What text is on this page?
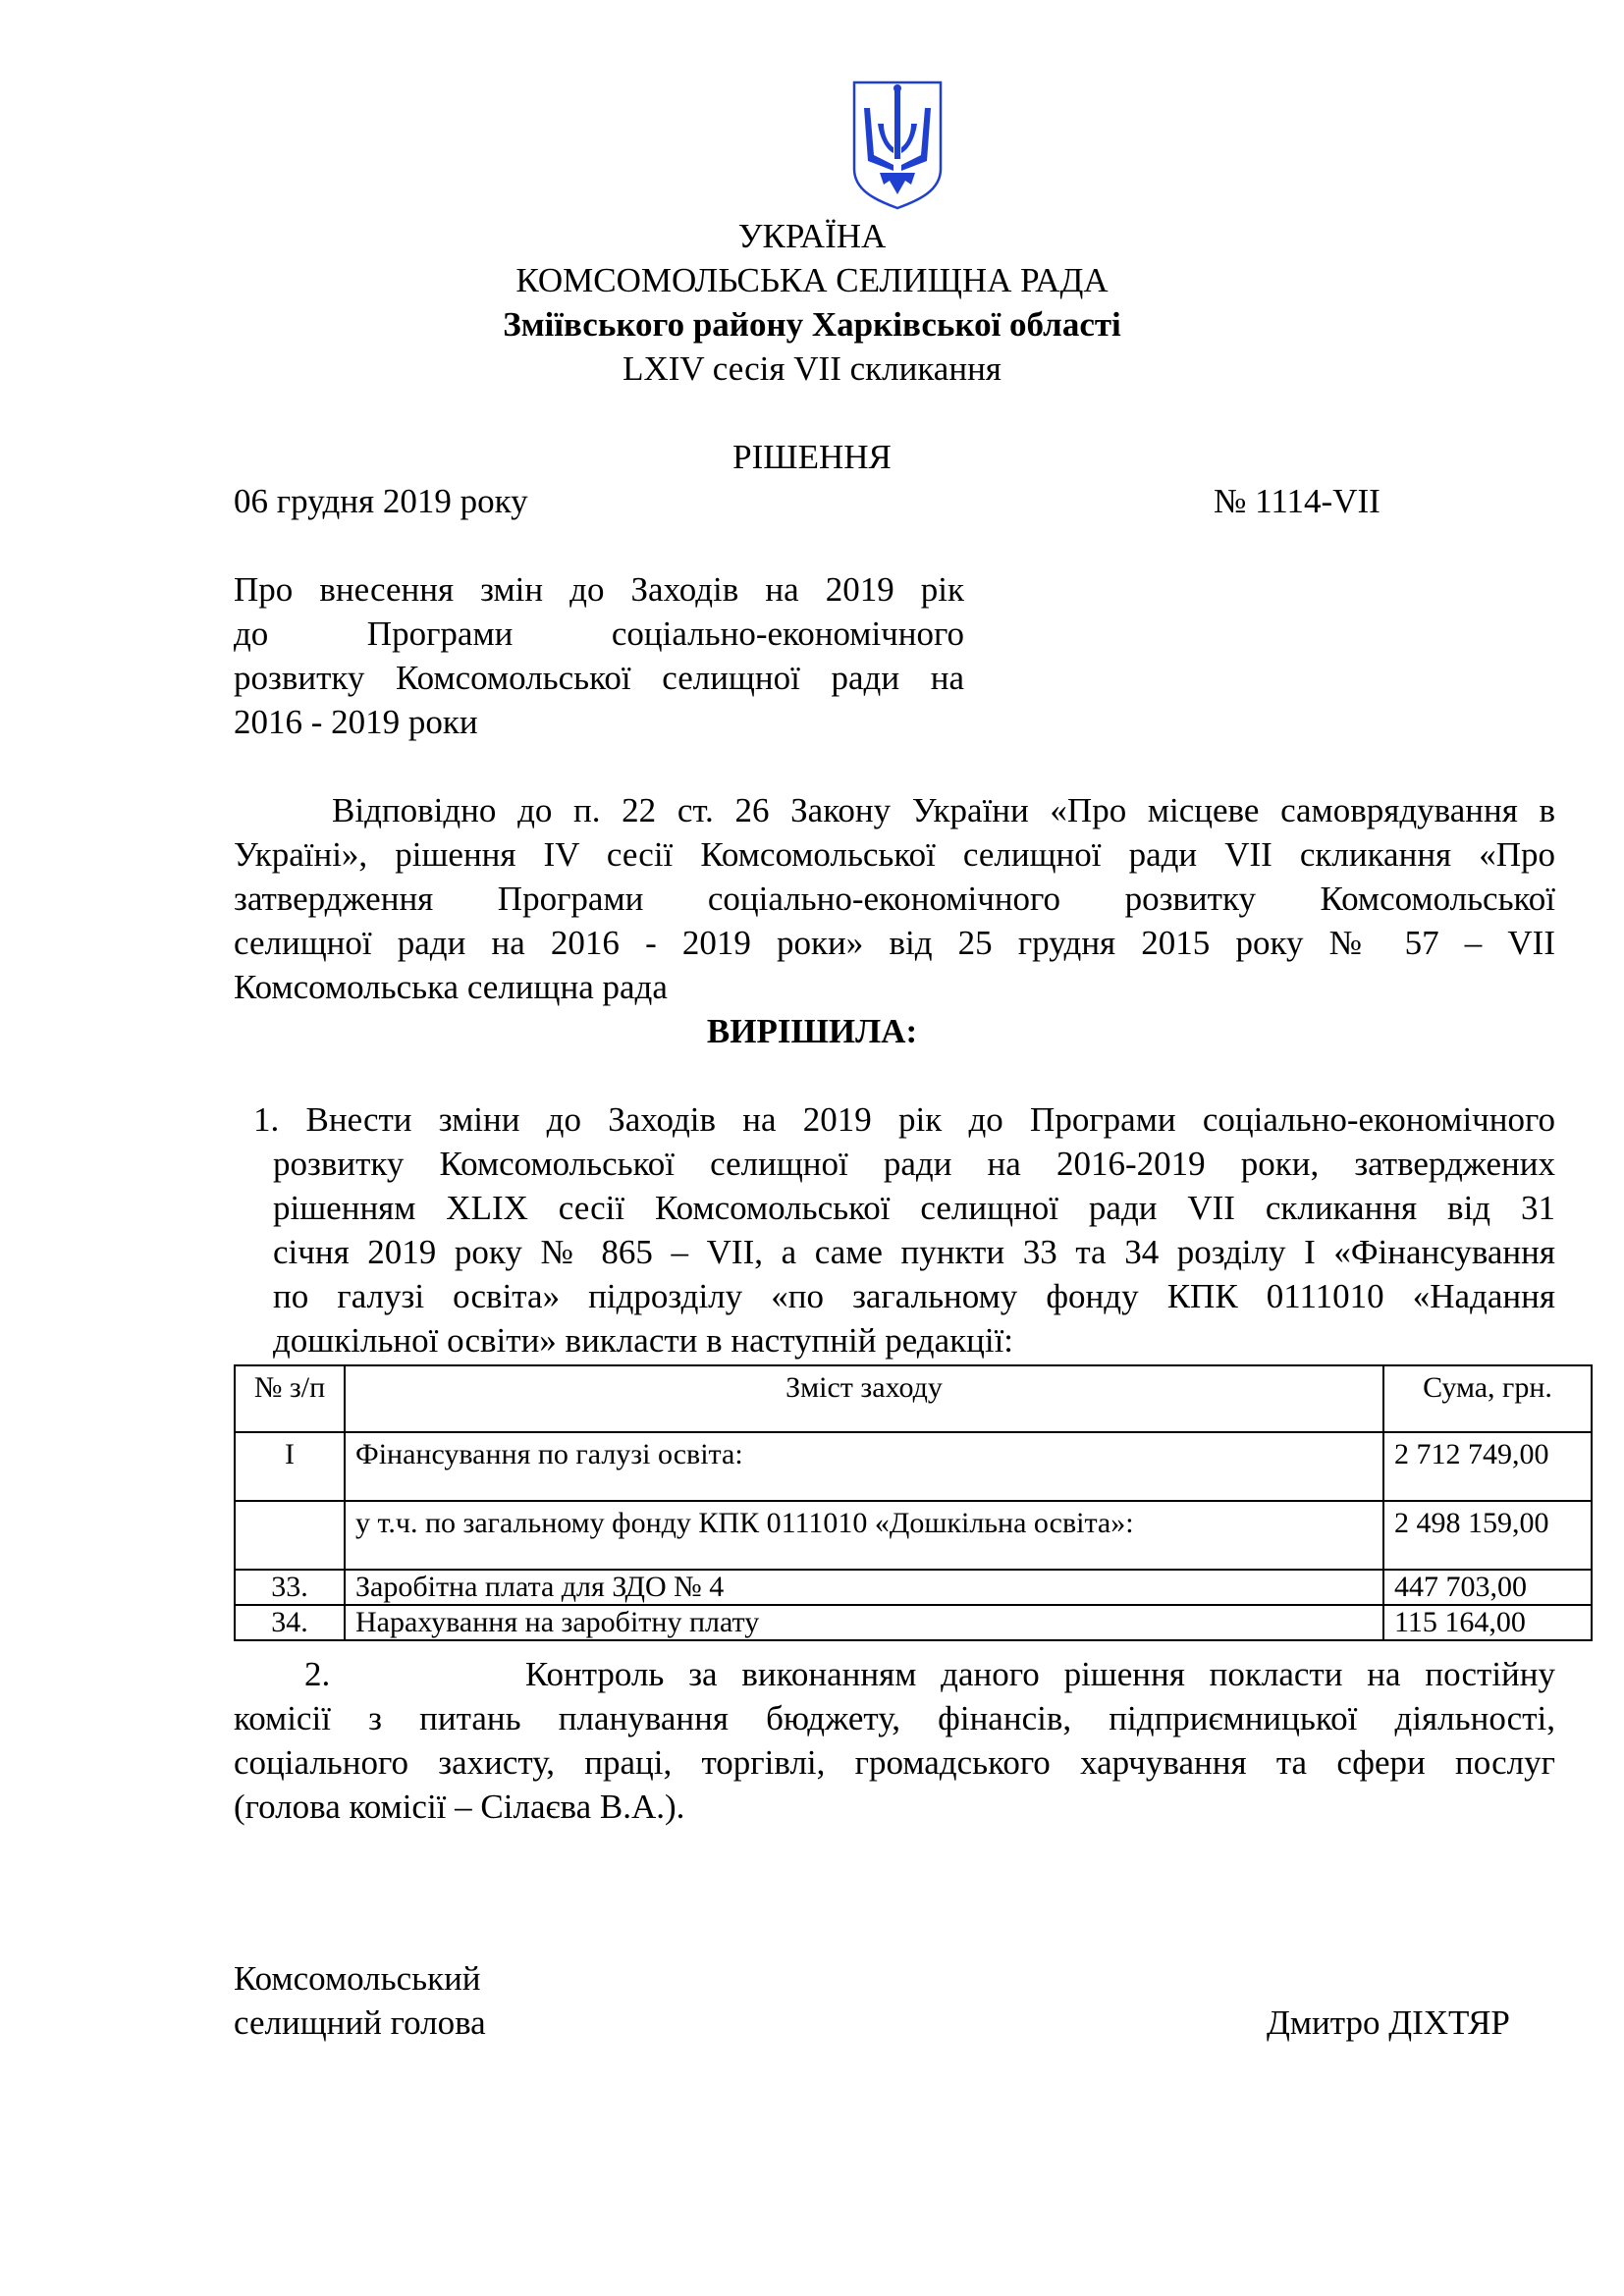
УКРАЇНА
КОМСОМОЛЬСЬКА СЕЛИЩНА РАДА
Зміївського району Харківської області
LXIV сесія VII скликання
РІШЕННЯ
06 грудня 2019 року	№ 1114-VII
Про внесення змін до Заходів на 2019 рік
до Програми соціально-економічного
розвитку Комсомольської селищної ради на
2016 - 2019 роки
Відповідно до п. 22 ст. 26 Закону України «Про місцеве самоврядування в
Україні», рішення IV сесії Комсомольської селищної ради VII скликання «Про
затвердження Програми соціально-економічного розвитку Комсомольської
селищної ради на 2016 - 2019 роки» від 25 грудня 2015 року № 57 – VII
Комсомольська селищна рада
ВИРІШИЛА:
1. Внести зміни до Заходів на 2019 рік до Програми соціально-економічного
розвитку Комсомольської селищної ради на 2016-2019 роки, затверджених
рішенням XLIX сесії Комсомольської селищної ради VII скликання від 31
січня 2019 року № 865 – VII, а саме пункти 33 та 34 розділу I «Фінансування
по галузі освіта» підрозділу «по загальному фонду КПК 0111010 «Надання
дошкільної освіти» викласти в наступній редакції:
№ з/п	Зміст заходу	Сума, грн.
I	Фінансування по галузі освіта:	2 712 749,00
	у т.ч. по загальному фонду КПК 0111010 «Дошкільна освіта»:	2 498 159,00
33.	Заробітна плата для ЗДО № 4	447 703,00
34.	Нарахування на заробітну плату	115 164,00
2.        Контроль за виконанням даного рішення покласти на постійну
комісії з питань планування бюджету, фінансів, підприємницької діяльності,
соціального захисту, праці, торгівлі, громадського харчування та сфери послуг
(голова комісії – Сілаєва В.А.).
Комсомольський
селищний голова	Дмитро ДІХТЯР
